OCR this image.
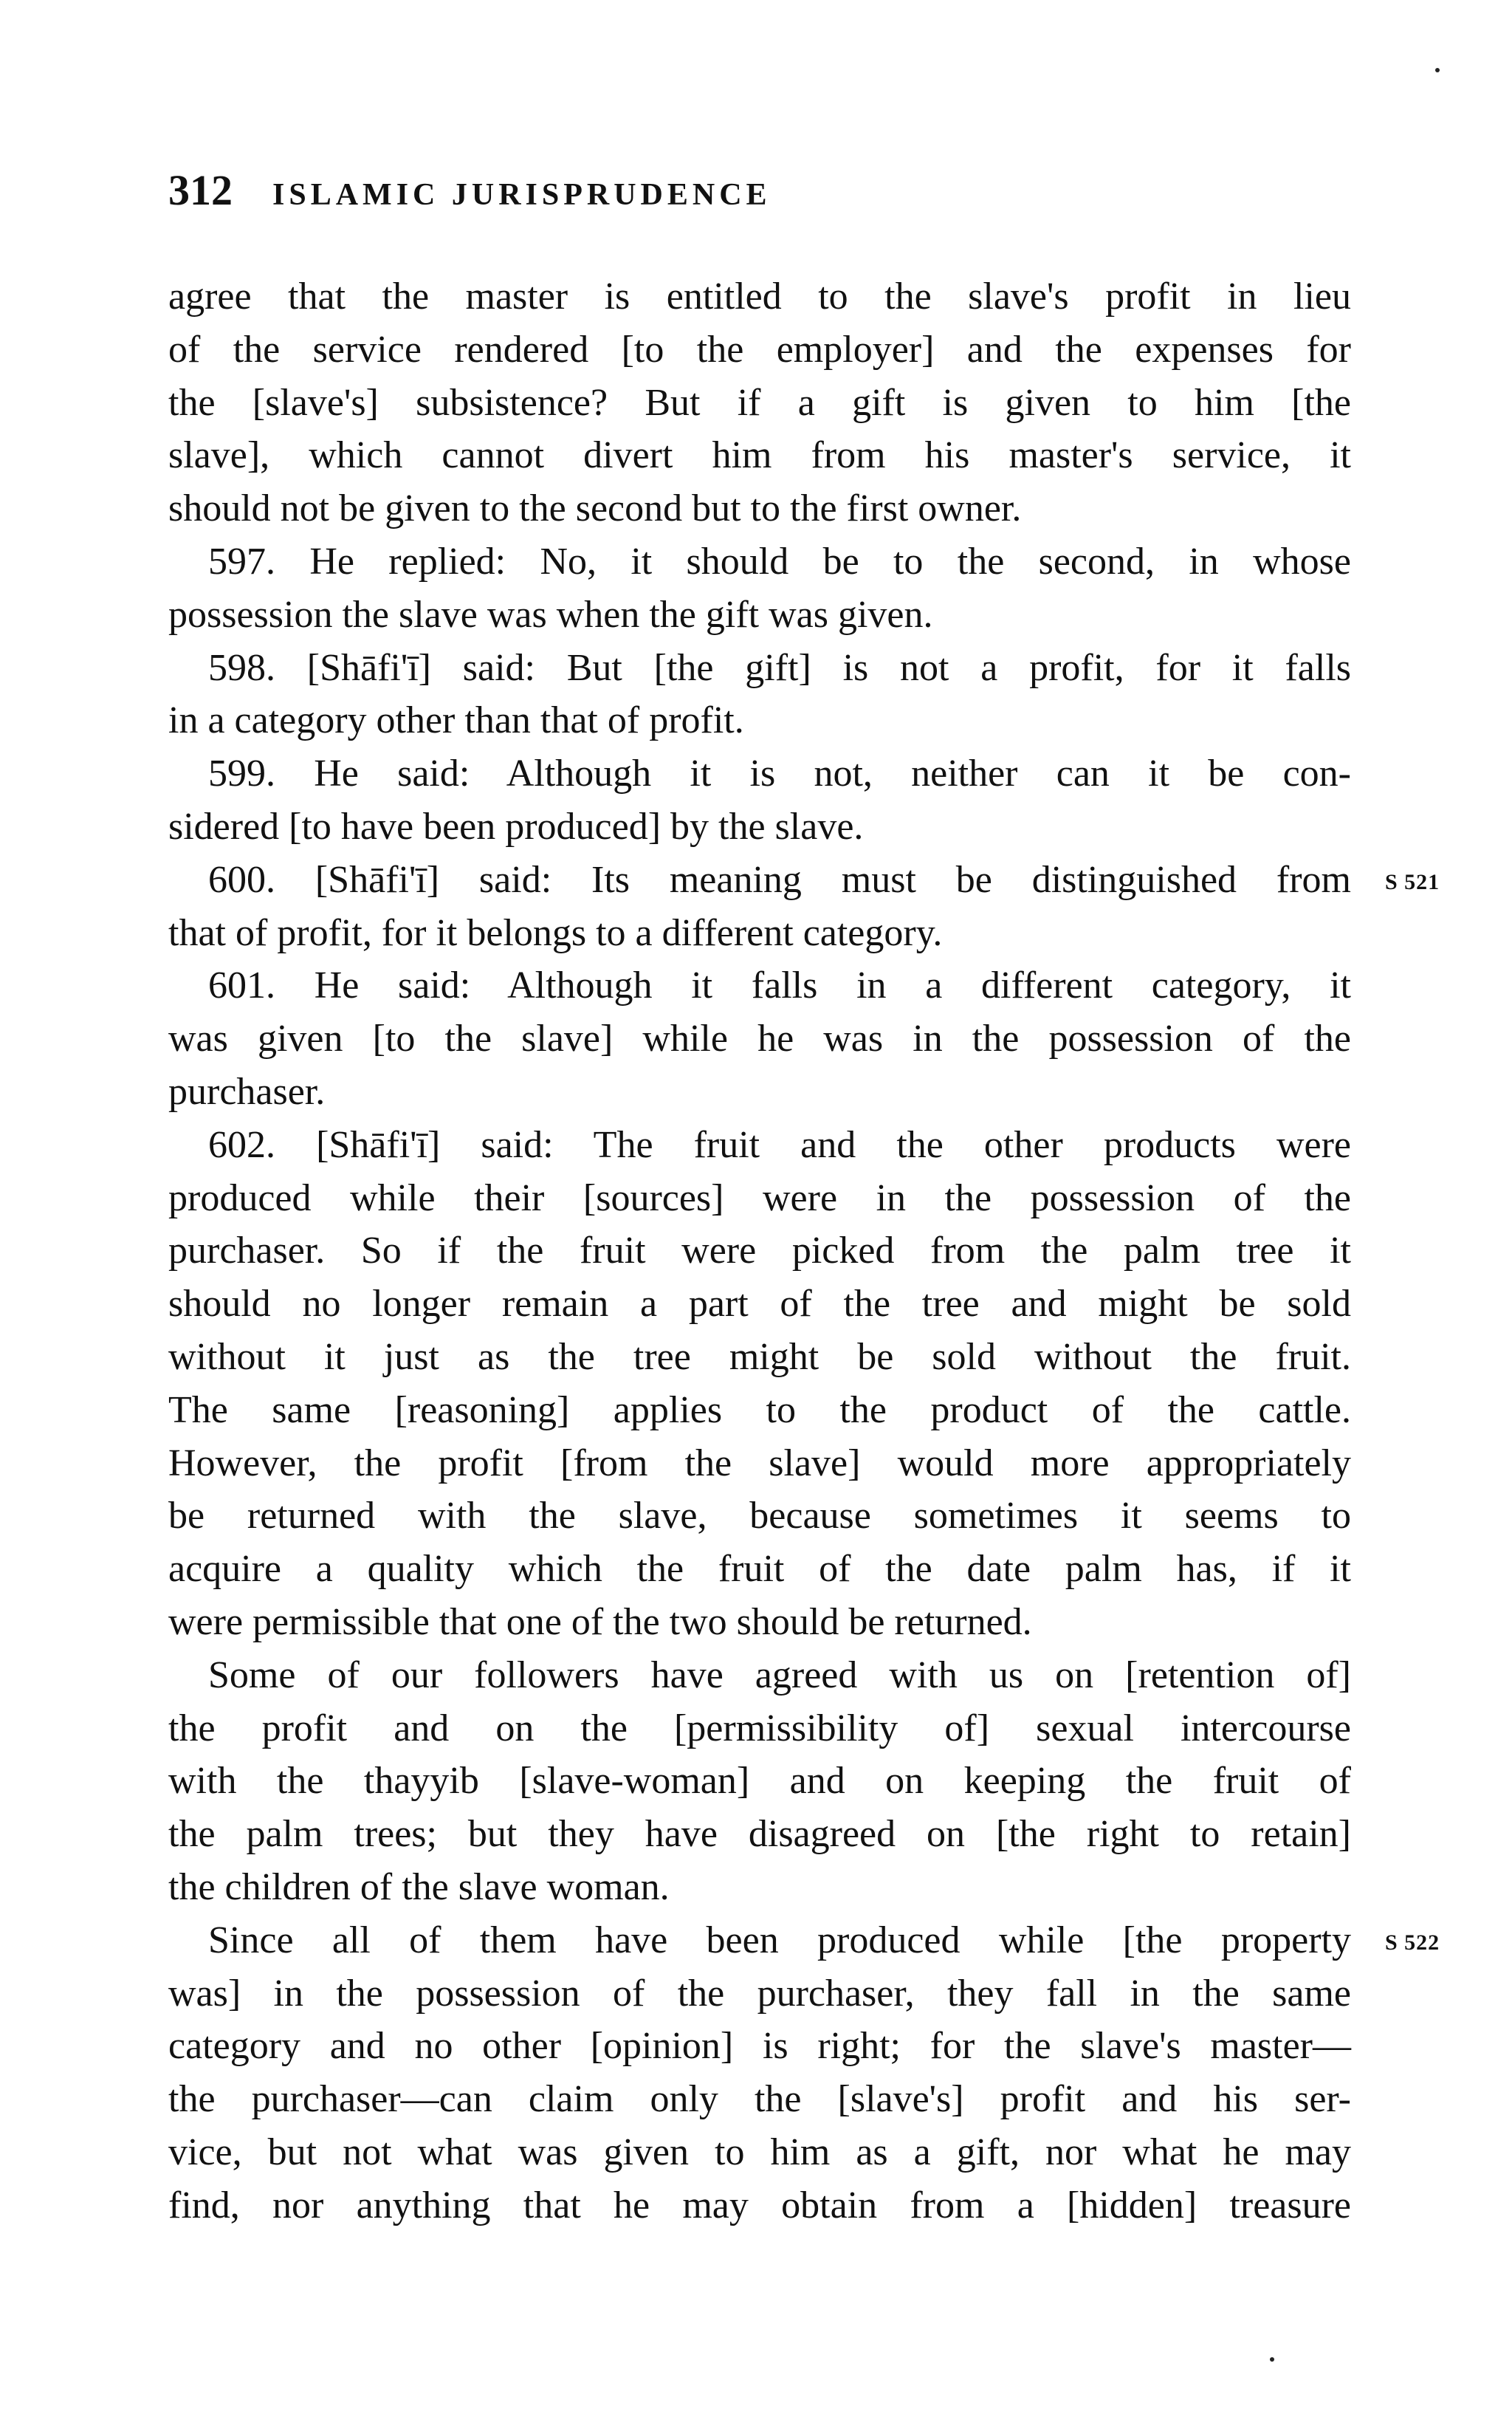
312 ISLAMIC JURISPRUDENCE
agree that the master is entitled to the slave's profit in lieu
of the service rendered [to the employer] and the expenses for
the [slave's] subsistence? But if a gift is given to him [the
slave], which cannot divert him from his master's service, it
should not be given to the second but to the first owner.
597. He replied: No, it should be to the second, in whose
possession the slave was when the gift was given.
598. [Shāfi'ī] said: But [the gift] is not a profit, for it falls
in a category other than that of profit.
599. He said: Although it is not, neither can it be con-
sidered [to have been produced] by the slave.
600. [Shāfi'ī] said: Its meaning must be distinguished from
that of profit, for it belongs to a different category.
601. He said: Although it falls in a different category, it
was given [to the slave] while he was in the possession of the
purchaser.
602. [Shāfi'ī] said: The fruit and the other products were
produced while their [sources] were in the possession of the
purchaser. So if the fruit were picked from the palm tree it
should no longer remain a part of the tree and might be sold
without it just as the tree might be sold without the fruit.
The same [reasoning] applies to the product of the cattle.
However, the profit [from the slave] would more appropriately
be returned with the slave, because sometimes it seems to
acquire a quality which the fruit of the date palm has, if it
were permissible that one of the two should be returned.
Some of our followers have agreed with us on [retention of]
the profit and on the [permissibility of] sexual intercourse
with the thayyib [slave-woman] and on keeping the fruit of
the palm trees; but they have disagreed on [the right to retain]
the children of the slave woman.
Since all of them have been produced while [the property
was] in the possession of the purchaser, they fall in the same
category and no other [opinion] is right; for the slave's master—
the purchaser—can claim only the [slave's] profit and his ser-
vice, but not what was given to him as a gift, nor what he may
find, nor anything that he may obtain from a [hidden] treasure
S 521
S 522
